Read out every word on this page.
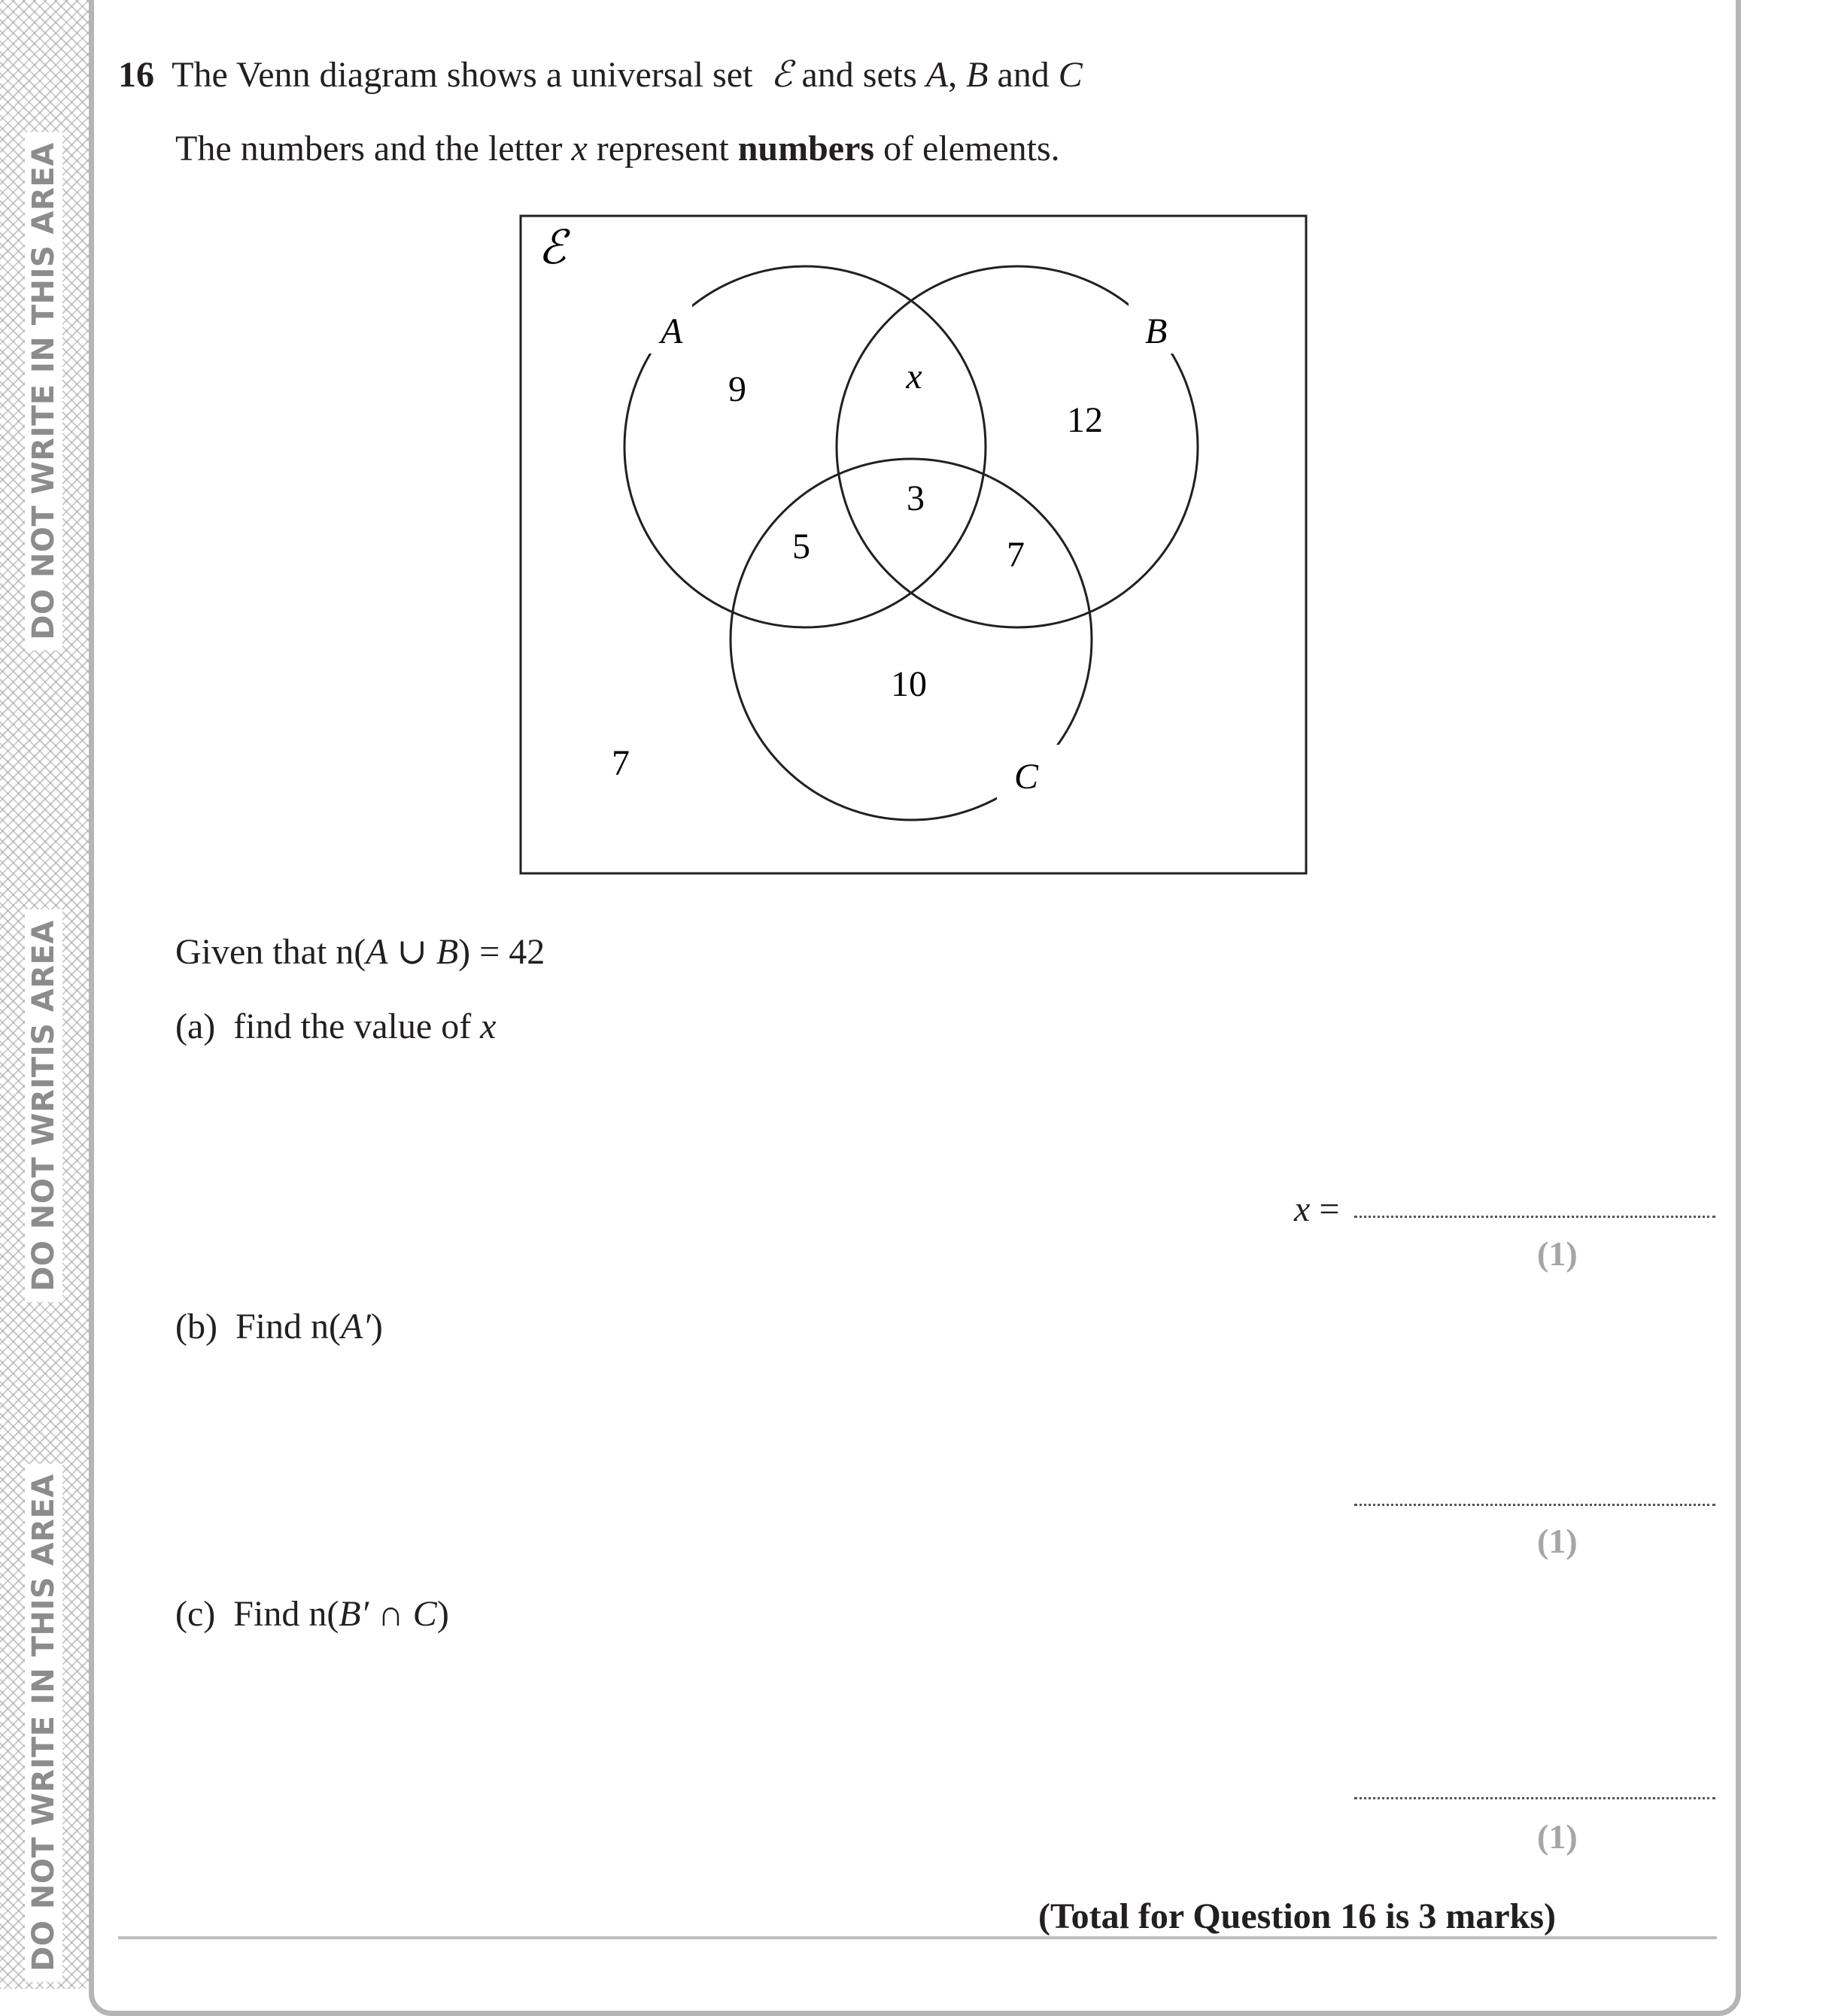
DO NOT WRITE IN THIS AREA
DO NOT WRITIS AREA
DO NOT WRITE IN THIS AREA
16 The Venn diagram shows a universal set ℰ and sets A, B and C
The numbers and the letter x represent numbers of elements.
ℰ
A	B
C
9	x
12
3
5	7
10
7
Given that n(A ∪ B) = 42
(a) find the value of x
x =
(1)
(b) Find n(A′)
(1)
(c) Find n(B′ ∩ C)
(1)
(Total for Question 16 is 3 marks)
